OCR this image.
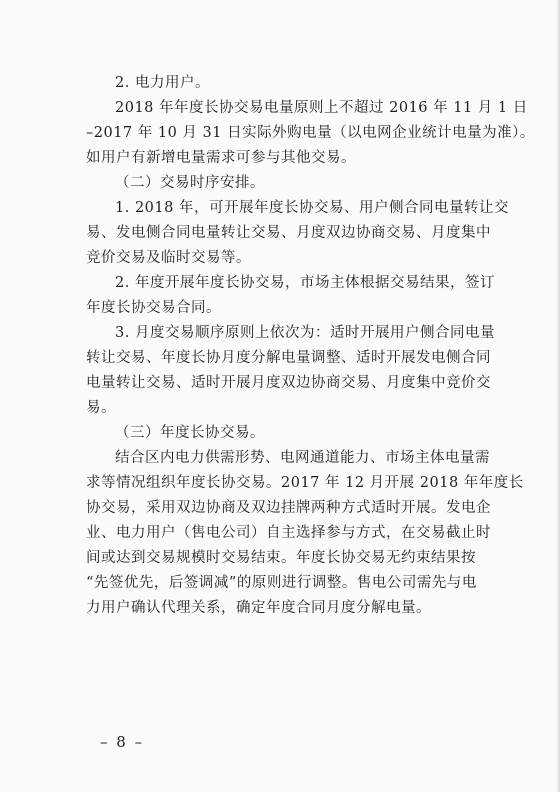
2. 电力用户。

2018 年年度长协交易电量原则上不超过 2016 年 11 月 1 日
–2017 年 10 月 31 日实际外购电量（以电网企业统计电量为准）。
如用户有新增电量需求可参与其他交易。

（二）交易时序安排。

1. 2018 年，可开展年度长协交易、用户侧合同电量转让交
易、发电侧合同电量转让交易、月度双边协商交易、月度集中
竞价交易及临时交易等。

2. 年度开展年度长协交易，市场主体根据交易结果，签订
年度长协交易合同。

3. 月度交易顺序原则上依次为：适时开展用户侧合同电量
转让交易、年度长协月度分解电量调整、适时开展发电侧合同
电量转让交易、适时开展月度双边协商交易、月度集中竞价交
易。

（三）年度长协交易。

结合区内电力供需形势、电网通道能力、市场主体电量需
求等情况组织年度长协交易。2017 年 12 月开展 2018 年年度长
协交易，采用双边协商及双边挂牌两种方式适时开展。发电企
业、电力用户（售电公司）自主选择参与方式，在交易截止时
间或达到交易规模时交易结束。年度长协交易无约束结果按
“先签优先，后签调减”的原则进行调整。售电公司需先与电
力用户确认代理关系，确定年度合同月度分解电量。

– 8 –
